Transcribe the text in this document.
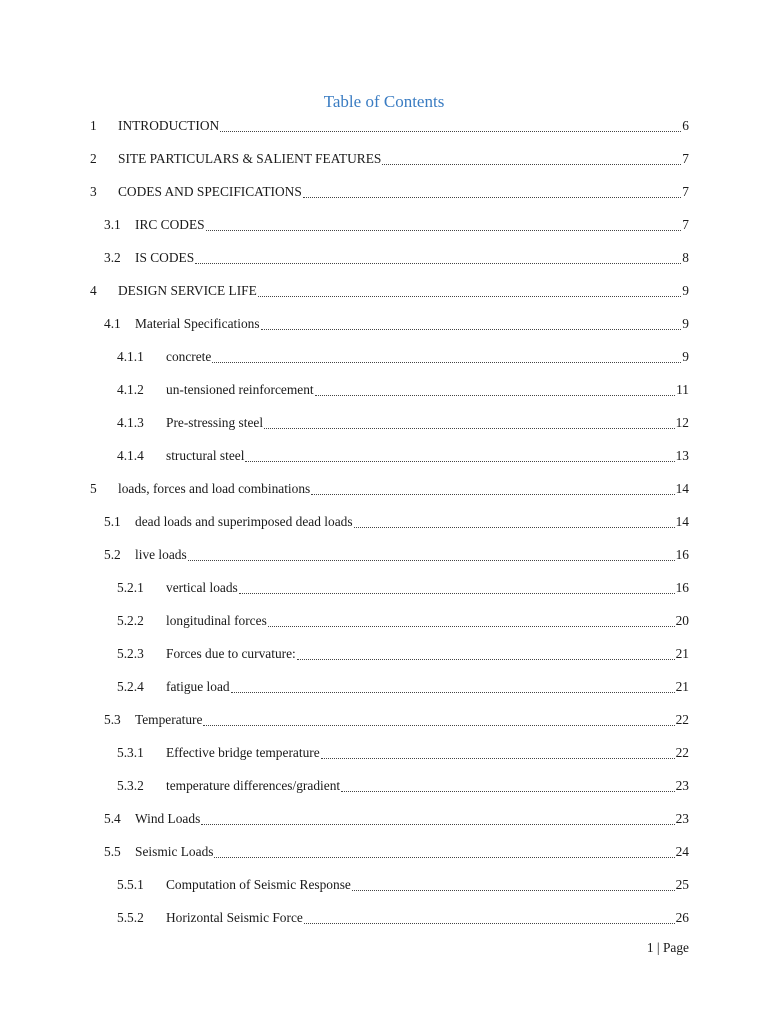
Table of Contents
1 INTRODUCTION	6
2 SITE PARTICULARS & SALIENT FEATURES	7
3 CODES AND SPECIFICATIONS	7
3.1 IRC CODES	7
3.2 IS CODES	8
4 DESIGN SERVICE LIFE	9
4.1 Material Specifications	9
4.1.1 concrete	9
4.1.2 un-tensioned reinforcement	11
4.1.3 Pre-stressing steel	12
4.1.4 structural steel	13
5 loads, forces and load combinations	14
5.1 dead loads and superimposed dead loads	14
5.2 live loads	16
5.2.1 vertical loads	16
5.2.2 longitudinal forces	20
5.2.3 Forces due to curvature:	21
5.2.4 fatigue load	21
5.3 Temperature	22
5.3.1 Effective bridge temperature	22
5.3.2 temperature differences/gradient	23
5.4 Wind Loads	23
5.5 Seismic Loads	24
5.5.1 Computation of Seismic Response	25
5.5.2 Horizontal Seismic Force	26
1 | Page
